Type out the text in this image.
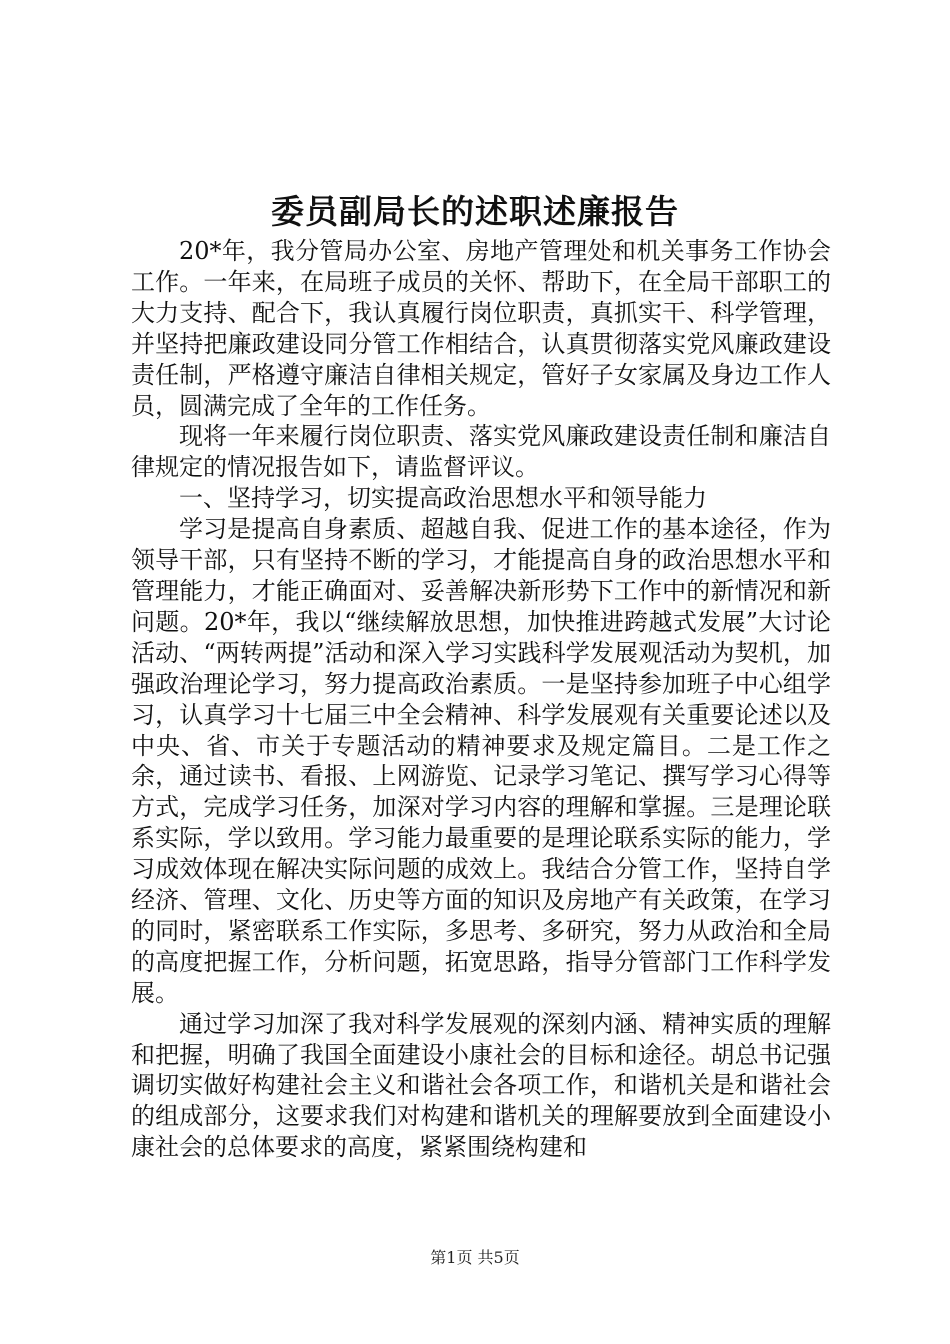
委员副局长的述职述廉报告

20*年，我分管局办公室、房地产管理处和机关事务工作协会工作。一年来，在局班子成员的关怀、帮助下，在全局干部职工的大力支持、配合下，我认真履行岗位职责，真抓实干、科学管理，并坚持把廉政建设同分管工作相结合，认真贯彻落实党风廉政建设责任制，严格遵守廉洁自律相关规定，管好子女家属及身边工作人员，圆满完成了全年的工作任务。

现将一年来履行岗位职责、落实党风廉政建设责任制和廉洁自律规定的情况报告如下，请监督评议。

一、坚持学习，切实提高政治思想水平和领导能力

学习是提高自身素质、超越自我、促进工作的基本途径，作为领导干部，只有坚持不断的学习，才能提高自身的政治思想水平和管理能力，才能正确面对、妥善解决新形势下工作中的新情况和新问题。20*年，我以“继续解放思想，加快推进跨越式发展”大讨论活动、“两转两提”活动和深入学习实践科学发展观活动为契机，加强政治理论学习，努力提高政治素质。一是坚持参加班子中心组学习，认真学习十七届三中全会精神、科学发展观有关重要论述以及中央、省、市关于专题活动的精神要求及规定篇目。二是工作之余，通过读书、看报、上网游览、记录学习笔记、撰写学习心得等方式，完成学习任务，加深对学习内容的理解和掌握。三是理论联系实际，学以致用。学习能力最重要的是理论联系实际的能力，学习成效体现在解决实际问题的成效上。我结合分管工作，坚持自学经济、管理、文化、历史等方面的知识及房地产有关政策，在学习的同时，紧密联系工作实际，多思考、多研究，努力从政治和全局的高度把握工作，分析问题，拓宽思路，指导分管部门工作科学发展。

通过学习加深了我对科学发展观的深刻内涵、精神实质的理解和把握，明确了我国全面建设小康社会的目标和途径。胡总书记强调切实做好构建社会主义和谐社会各项工作，和谐机关是和谐社会的组成部分，这要求我们对构建和谐机关的理解要放到全面建设小康社会的总体要求的高度，紧紧围绕构建和

第1页 共5页
